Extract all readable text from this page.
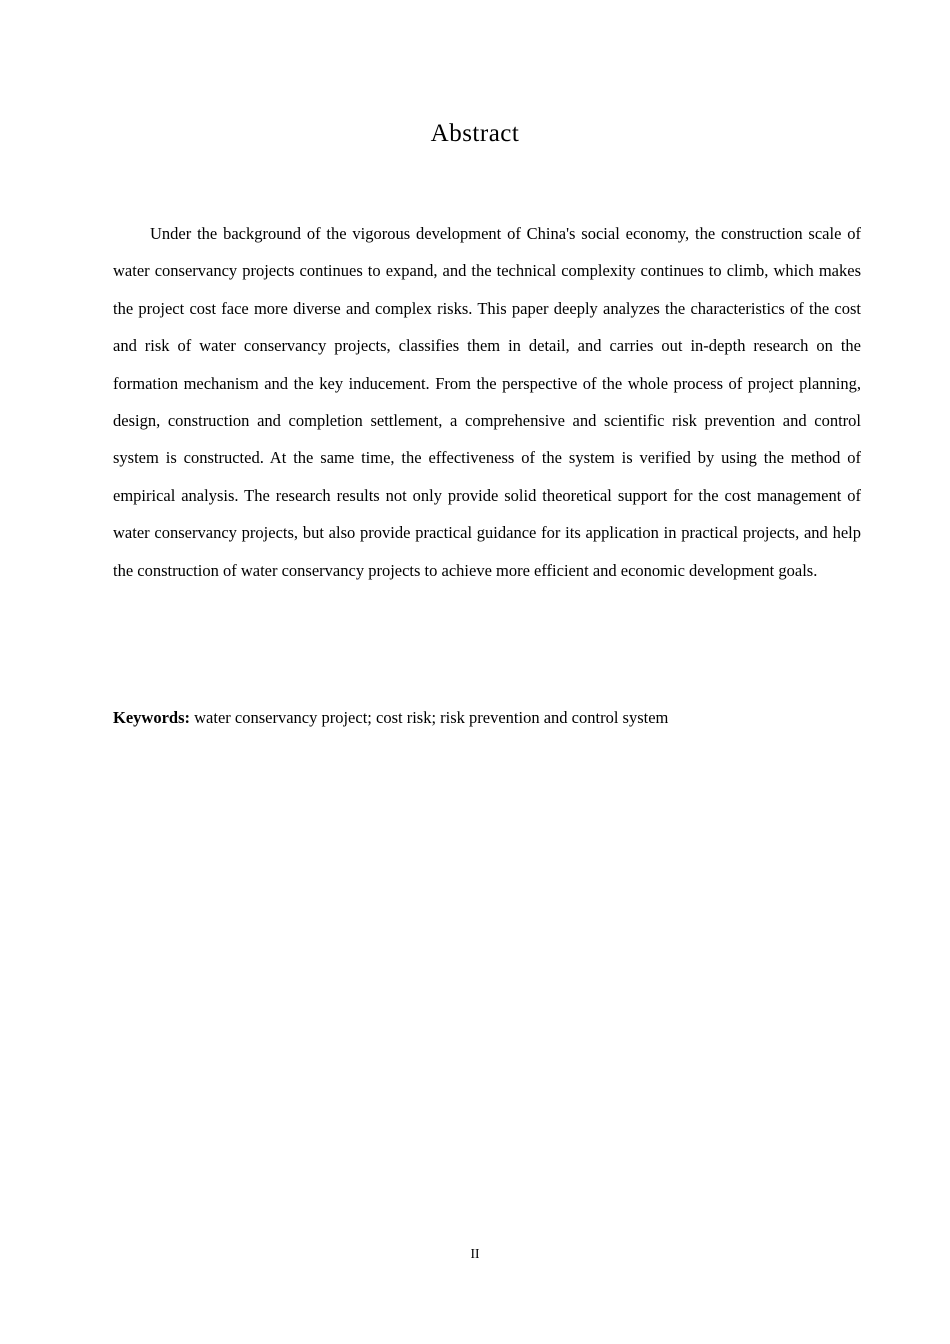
Abstract

Under the background of the vigorous development of China's social economy, the construction scale of water conservancy projects continues to expand, and the technical complexity continues to climb, which makes the project cost face more diverse and complex risks. This paper deeply analyzes the characteristics of the cost and risk of water conservancy projects, classifies them in detail, and carries out in-depth research on the formation mechanism and the key inducement. From the perspective of the whole process of project planning, design, construction and completion settlement, a comprehensive and scientific risk prevention and control system is constructed. At the same time, the effectiveness of the system is verified by using the method of empirical analysis. The research results not only provide solid theoretical support for the cost management of water conservancy projects, but also provide practical guidance for its application in practical projects, and help the construction of water conservancy projects to achieve more efficient and economic development goals.

Keywords: water conservancy project; cost risk; risk prevention and control system

II
